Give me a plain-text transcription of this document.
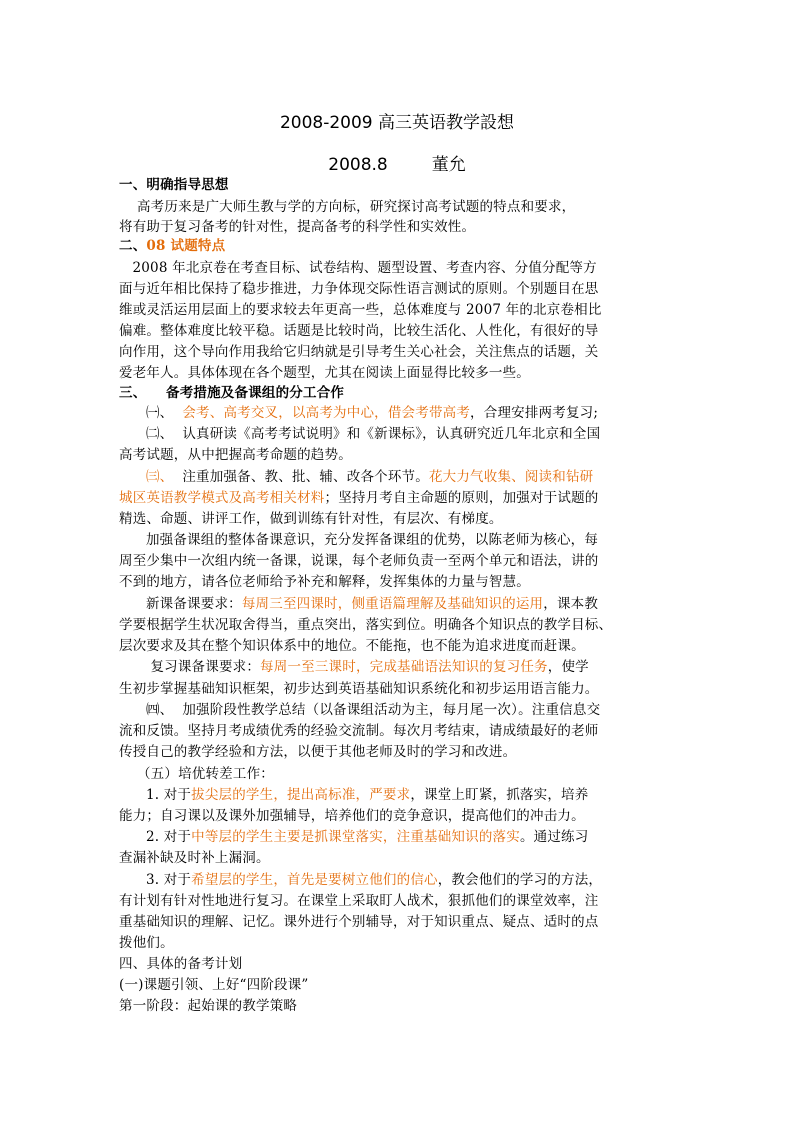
2008-2009 高三英语教学設想
2008.8	董允
一、明确指导思想
高考历来是广大师生教与学的方向标，研究探讨高考试题的特点和要求，
将有助于复习备考的针对性，提高备考的科学性和实效性。
二、08 试题特点
2008 年北京卷在考查目标、试卷结构、题型设置、考查内容、分值分配等方
面与近年相比保持了稳步推进，力争体现交际性语言测试的原则。个别题目在思
维或灵活运用层面上的要求较去年更高一些，总体难度与 2007 年的北京卷相比
偏难。整体难度比较平稳。话题是比较时尚，比较生活化、人性化，有很好的导
向作用，这个导向作用我给它归纳就是引导考生关心社会，关注焦点的话题，关
爱老年人。具体体现在各个题型，尤其在阅读上面显得比较多一些。
三、    备考措施及备课组的分工合作
㈠、  会考、高考交叉，以高考为中心，借会考带高考，合理安排两考复习;
㈡、  认真研读《高考考试说明》和《新课标》，认真研究近几年北京和全国
高考试题，从中把握高考命题的趋势。
㈢、  注重加强备、教、批、辅、改各个环节。花大力气收集、阅读和钻研
城区英语教学模式及高考相关材料；坚持月考自主命题的原则，加强对于试题的
精选、命题、讲评工作，做到训练有针对性，有层次、有梯度。
加强备课组的整体备课意识，充分发挥备课组的优势，以陈老师为核心，每
周至少集中一次组内统一备课，说课，每个老师负责一至两个单元和语法，讲的
不到的地方，请各位老师给予补充和解释，发挥集体的力量与智慧。
新课备课要求：每周三至四课时，侧重语篇理解及基础知识的运用，课本教
学要根据学生状况取舍得当，重点突出，落实到位。明确各个知识点的教学目标、
层次要求及其在整个知识体系中的地位。不能拖，也不能为追求进度而赶课。
复习课备课要求：每周一至三课时，完成基础语法知识的复习任务，使学
生初步掌握基础知识框架，初步达到英语基础知识系统化和初步运用语言能力。
㈣、  加强阶段性教学总结（以备课组活动为主，每月尾一次）。注重信息交
流和反馈。坚持月考成绩优秀的经验交流制。每次月考结束，请成绩最好的老师
传授自己的教学经验和方法，以便于其他老师及时的学习和改进。
（五）培优转差工作：
1. 对于拔尖层的学生，提出高标准，严要求，课堂上盯紧，抓落实，培养
能力；自习课以及课外加强辅导，培养他们的竞争意识，提高他们的冲击力。
2. 对于中等层的学生主要是抓课堂落实，注重基础知识的落实。通过练习
查漏补缺及时补上漏洞。
3. 对于希望层的学生，首先是要树立他们的信心，教会他们的学习的方法，
有计划有针对性地进行复习。在课堂上采取盯人战术，狠抓他们的课堂效率，注
重基础知识的理解、记忆。课外进行个别辅导，对于知识重点、疑点、适时的点
拨他们。
四、具体的备考计划
(一)课题引领、上好“四阶段课”
第一阶段：起始课的教学策略
